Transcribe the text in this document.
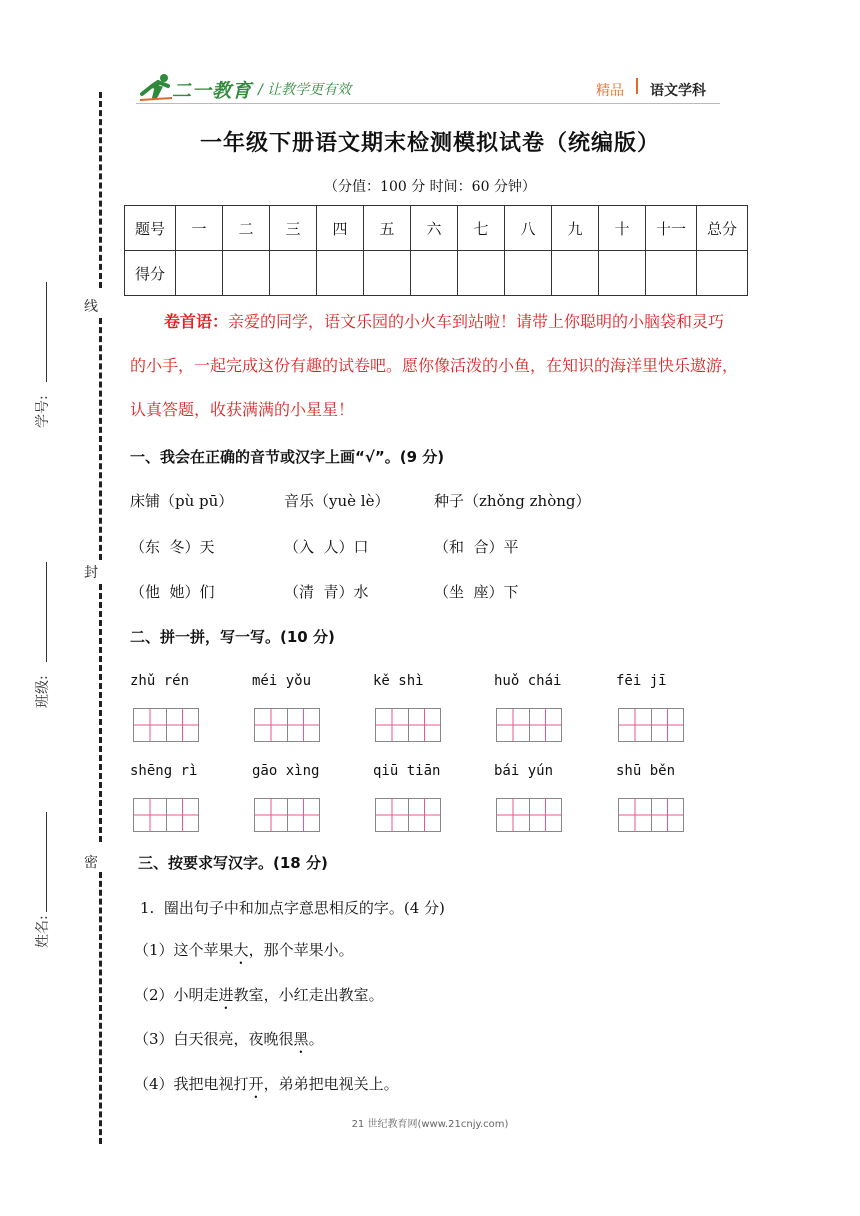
二一教育 / 让教学更有效	精品 语文学科
一年级下册语文期末检测模拟试卷（统编版）
（分值：100 分 时间：60 分钟）
题号	一	二	三	四	五	六	七	八	九	十	十一	总分
得分												
线
封
密
学号:
班级:
姓名:
卷首语：亲爱的同学，语文乐园的小火车到站啦！请带上你聪明的小脑袋和灵巧的小手，一起完成这份有趣的试卷吧。愿你像活泼的小鱼，在知识的海洋里快乐遨游，认真答题，收获满满的小星星！
一、我会在正确的音节或汉字上画“√”。(9 分)
床铺（pù pū）	音乐（yuè lè）	种子（zhǒng zhòng）
（东  冬）天	（入  人）口	（和  合）平
（他  她）们	（清  青）水	（坐  座）下
二、拼一拼，写一写。(10 分)
zhǔ rén	méi yǒu	kě shì	huǒ chái	fēi jī
shēng rì	gāo xìng	qiū tiān	bái yún	shū běn
三、按要求写汉字。(18 分)
1.  圈出句子中和加点字意思相反的字。(4 分)
（1）这个苹果大，那个苹果小。
（2）小明走进教室，小红走出教室。
（3）白天很亮，夜晚很黑。
（4）我把电视打开，弟弟把电视关上。
21 世纪教育网(www.21cnjy.com)
